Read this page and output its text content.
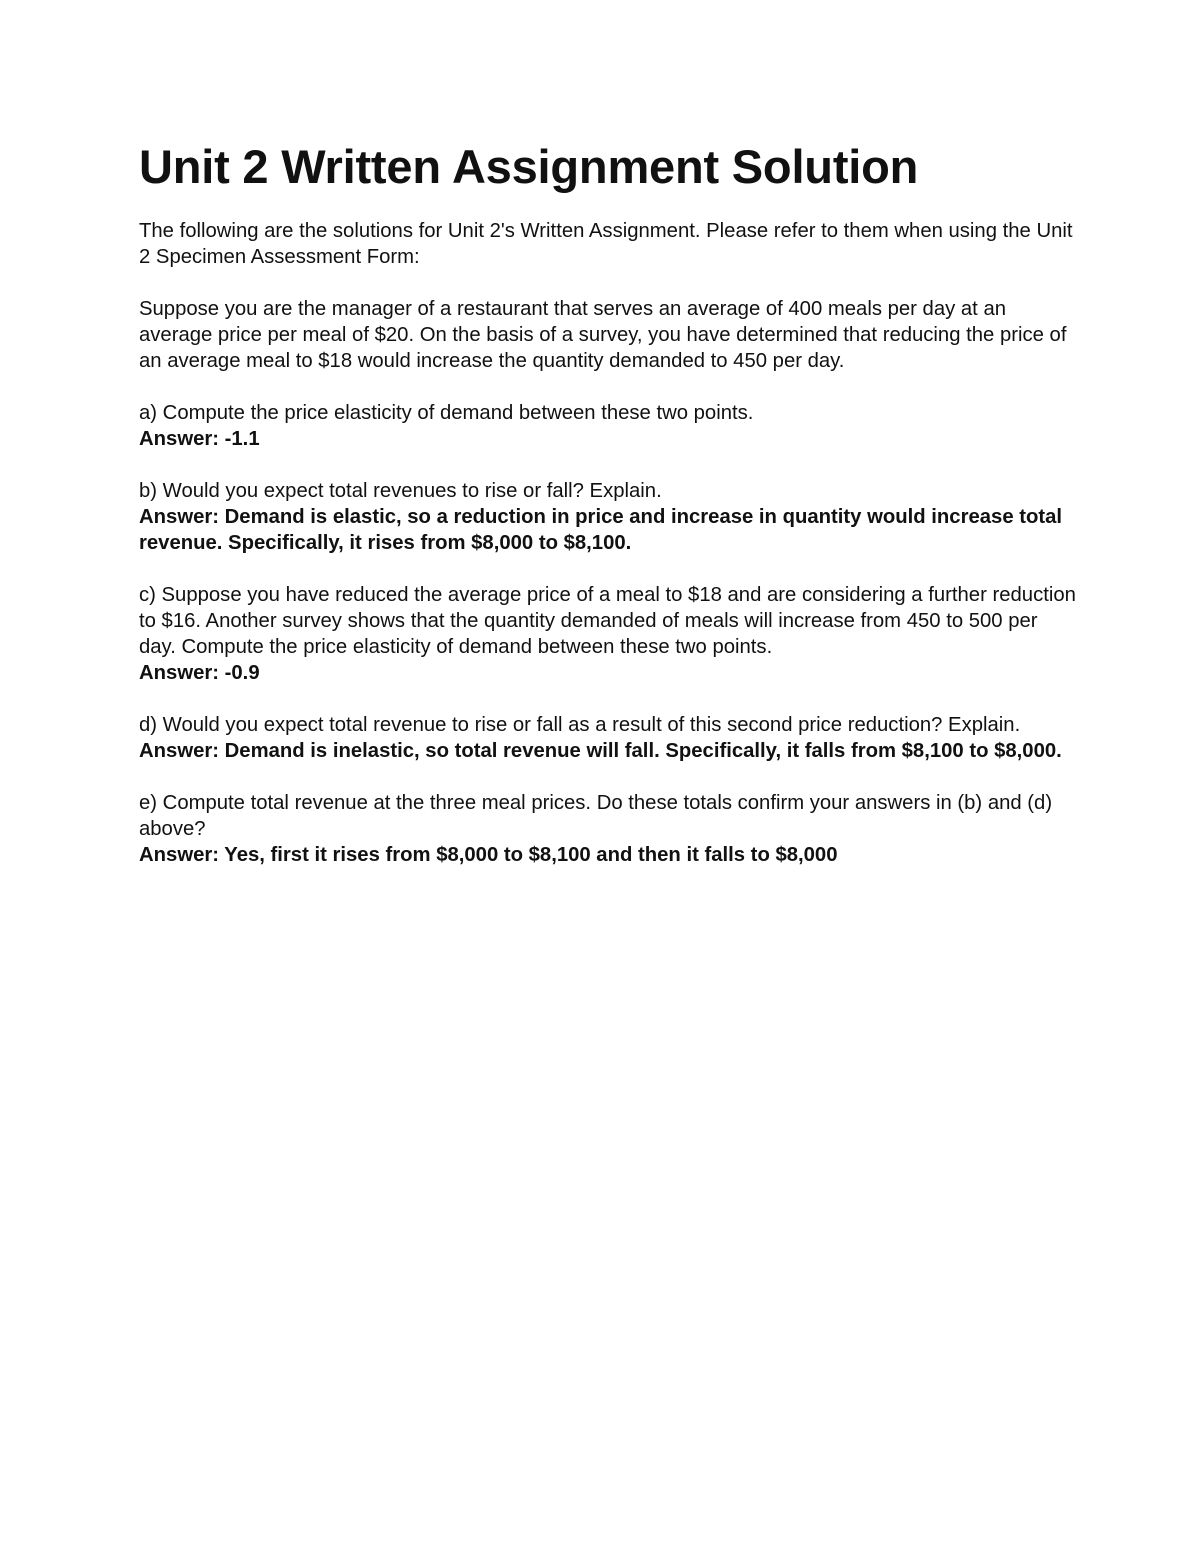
Unit 2 Written Assignment Solution

The following are the solutions for Unit 2's Written Assignment. Please refer to them when using the Unit 2 Specimen Assessment Form:

Suppose you are the manager of a restaurant that serves an average of 400 meals per day at an average price per meal of $20. On the basis of a survey, you have determined that reducing the price of an average meal to $18 would increase the quantity demanded to 450 per day.

a) Compute the price elasticity of demand between these two points.

Answer: -1.1

b) Would you expect total revenues to rise or fall? Explain.

Answer: Demand is elastic, so a reduction in price and increase in quantity would increase total revenue. Specifically, it rises from $8,000 to $8,100.

c) Suppose you have reduced the average price of a meal to $18 and are considering a further reduction to $16. Another survey shows that the quantity demanded of meals will increase from 450 to 500 per day. Compute the price elasticity of demand between these two points.

Answer: -0.9

d) Would you expect total revenue to rise or fall as a result of this second price reduction? Explain.

Answer: Demand is inelastic, so total revenue will fall. Specifically, it falls from $8,100 to $8,000.

e) Compute total revenue at the three meal prices. Do these totals confirm your answers in (b) and (d) above?

Answer: Yes, first it rises from $8,000 to $8,100 and then it falls to $8,000
